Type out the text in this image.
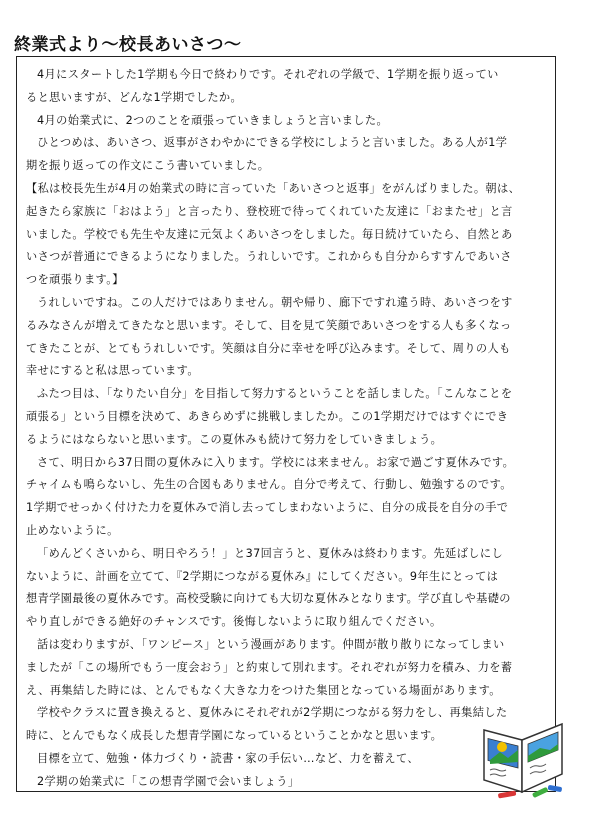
終業式より～校長あいさつ～
4月にスタートした1学期も今日で終わりです。それぞれの学級で、1学期を振り返ってい
ると思いますが、どんな1学期でしたか。
4月の始業式に、2つのことを頑張っていきましょうと言いました。
ひとつめは、あいさつ、返事がさわやかにできる学校にしようと言いました。ある人が1学
期を振り返っての作文にこう書いていました。
【私は校長先生が4月の始業式の時に言っていた「あいさつと返事」をがんばりました。朝は、
起きたら家族に「おはよう」と言ったり、登校班で待ってくれていた友達に「おまたせ」と言
いました。学校でも先生や友達に元気よくあいさつをしました。毎日続けていたら、自然とあ
いさつが普通にできるようになりました。うれしいです。これからも自分からすすんであいさ
つを頑張ります。】
うれしいですね。この人だけではありません。朝や帰り、廊下ですれ違う時、あいさつをす
るみなさんが増えてきたなと思います。そして、目を見て笑顔であいさつをする人も多くなっ
てきたことが、とてもうれしいです。笑顔は自分に幸せを呼び込みます。そして、周りの人も
幸せにすると私は思っています。
ふたつ目は、「なりたい自分」を目指して努力するということを話しました。「こんなことを
頑張る」という目標を決めて、あきらめずに挑戦しましたか。この1学期だけではすぐにでき
るようにはならないと思います。この夏休みも続けて努力をしていきましょう。
さて、明日から37日間の夏休みに入ります。学校には来ません。お家で過ごす夏休みです。
チャイムも鳴らないし、先生の合図もありません。自分で考えて、行動し、勉強するのです。
1学期でせっかく付けた力を夏休みで消し去ってしまわないように、自分の成長を自分の手で
止めないように。
「めんどくさいから、明日やろう！」と37回言うと、夏休みは終わります。先延ばしにし
ないように、計画を立てて、『2学期につながる夏休み』にしてください。9年生にとっては
想青学園最後の夏休みです。高校受験に向けても大切な夏休みとなります。学び直しや基礎の
やり直しができる絶好のチャンスです。後悔しないように取り組んでください。
話は変わりますが、「ワンピース」という漫画があります。仲間が散り散りになってしまい
ましたが「この場所でもう一度会おう」と約束して別れます。それぞれが努力を積み、力を蓄
え、再集結した時には、とんでもなく大きな力をつけた集団となっている場面があります。
学校やクラスに置き換えると、夏休みにそれぞれが2学期につながる努力をし、再集結した
時に、とんでもなく成長した想青学園になっているということかなと思います。
目標を立て、勉強・体力づくり・読書・家の手伝い…など、力を蓄えて、
2学期の始業式に「この想青学園で会いましょう」
